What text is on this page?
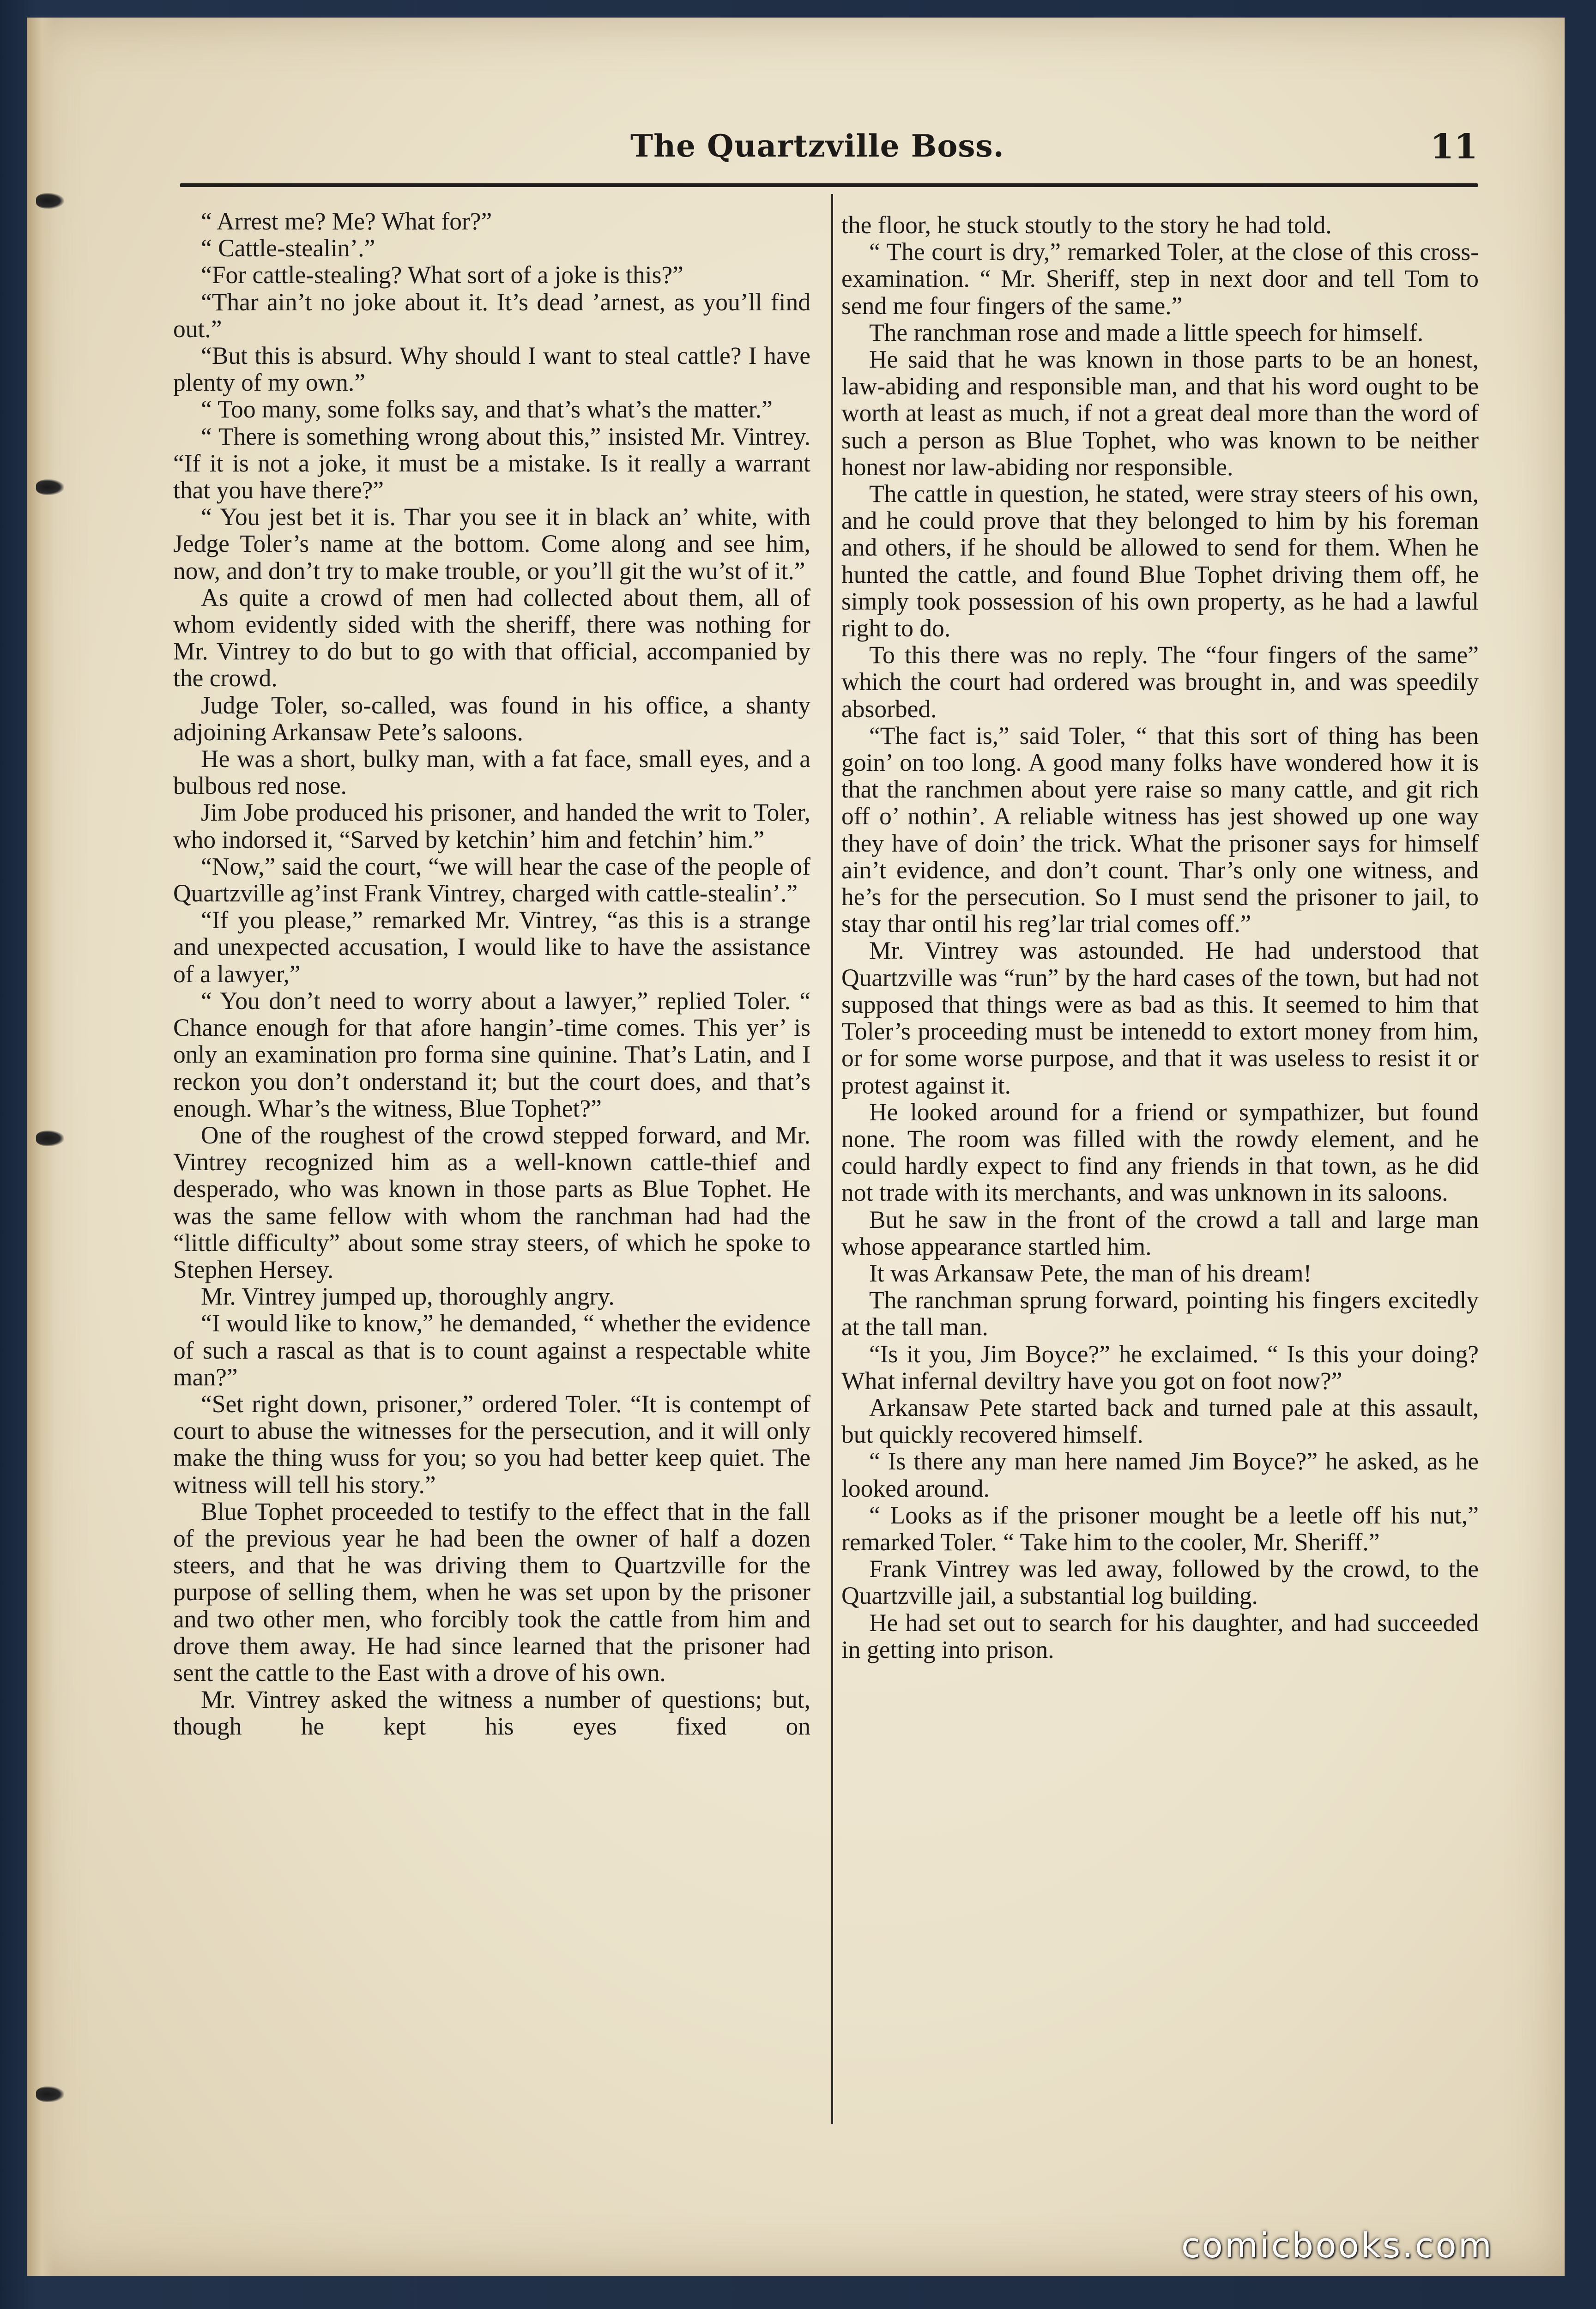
The Quartzville Boss.	11

“ Arrest me? Me? What for?”

“ Cattle-stealin’.”

“For cattle-stealing? What sort of a joke is this?”

“Thar ain’t no joke about it. It’s dead ’arnest, as you’ll find out.”

“But this is absurd. Why should I want to steal cattle? I have plenty of my own.”

“ Too many, some folks say, and that’s what’s the matter.”

“ There is something wrong about this,” insisted Mr. Vintrey. “If it is not a joke, it must be a mistake. Is it really a warrant that you have there?”

“ You jest bet it is. Thar you see it in black an’ white, with Jedge Toler’s name at the bottom. Come along and see him, now, and don’t try to make trouble, or you’ll git the wu’st of it.”

As quite a crowd of men had collected about them, all of whom evidently sided with the sheriff, there was nothing for Mr. Vintrey to do but to go with that official, accompanied by the crowd.

Judge Toler, so-called, was found in his office, a shanty adjoining Arkansaw Pete’s saloons.

He was a short, bulky man, with a fat face, small eyes, and a bulbous red nose.

Jim Jobe produced his prisoner, and handed the writ to Toler, who indorsed it, “Sarved by ketchin’ him and fetchin’ him.”

“Now,” said the court, “we will hear the case of the people of Quartzville ag’inst Frank Vintrey, charged with cattle-stealin’.”

“If you please,” remarked Mr. Vintrey, “as this is a strange and unexpected accusation, I would like to have the assistance of a lawyer,”

“ You don’t need to worry about a lawyer,” replied Toler. “ Chance enough for that afore hangin’-time comes. This yer’ is only an examination pro forma sine quinine. That’s Latin, and I reckon you don’t onderstand it; but the court does, and that’s enough. Whar’s the witness, Blue Tophet?”

One of the roughest of the crowd stepped forward, and Mr. Vintrey recognized him as a well-known cattle-thief and desperado, who was known in those parts as Blue Tophet. He was the same fellow with whom the ranchman had had the “little difficulty” about some stray steers, of which he spoke to Stephen Hersey.

Mr. Vintrey jumped up, thoroughly angry.

“I would like to know,” he demanded, “ whether the evidence of such a rascal as that is to count against a respectable white man?”

“Set right down, prisoner,” ordered Toler. “It is contempt of court to abuse the witnesses for the persecution, and it will only make the thing wuss for you; so you had better keep quiet. The witness will tell his story.”

Blue Tophet proceeded to testify to the effect that in the fall of the previous year he had been the owner of half a dozen steers, and that he was driving them to Quartzville for the purpose of selling them, when he was set upon by the prisoner and two other men, who forcibly took the cattle from him and drove them away. He had since learned that the prisoner had sent the cattle to the East with a drove of his own.

Mr. Vintrey asked the witness a number of questions; but, though he kept his eyes fixed on

the floor, he stuck stoutly to the story he had told.

“ The court is dry,” remarked Toler, at the close of this cross-examination. “ Mr. Sheriff, step in next door and tell Tom to send me four fingers of the same.”

The ranchman rose and made a little speech for himself.

He said that he was known in those parts to be an honest, law-abiding and responsible man, and that his word ought to be worth at least as much, if not a great deal more than the word of such a person as Blue Tophet, who was known to be neither honest nor law-abiding nor responsible.

The cattle in question, he stated, were stray steers of his own, and he could prove that they belonged to him by his foreman and others, if he should be allowed to send for them. When he hunted the cattle, and found Blue Tophet driving them off, he simply took possession of his own property, as he had a lawful right to do.

To this there was no reply. The “four fingers of the same” which the court had ordered was brought in, and was speedily absorbed.

“The fact is,” said Toler, “ that this sort of thing has been goin’ on too long. A good many folks have wondered how it is that the ranchmen about yere raise so many cattle, and git rich off o’ nothin’. A reliable witness has jest showed up one way they have of doin’ the trick. What the prisoner says for himself ain’t evidence, and don’t count. Thar’s only one witness, and he’s for the persecution. So I must send the prisoner to jail, to stay thar ontil his reg’lar trial comes off.”

Mr. Vintrey was astounded. He had understood that Quartzville was “run” by the hard cases of the town, but had not supposed that things were as bad as this. It seemed to him that Toler’s proceeding must be intenedd to extort money from him, or for some worse purpose, and that it was useless to resist it or protest against it.

He looked around for a friend or sympathizer, but found none. The room was filled with the rowdy element, and he could hardly expect to find any friends in that town, as he did not trade with its merchants, and was unknown in its saloons.

But he saw in the front of the crowd a tall and large man whose appearance startled him.

It was Arkansaw Pete, the man of his dream!

The ranchman sprung forward, pointing his fingers excitedly at the tall man.

“Is it you, Jim Boyce?” he exclaimed. “ Is this your doing? What infernal deviltry have you got on foot now?”

Arkansaw Pete started back and turned pale at this assault, but quickly recovered himself.

“ Is there any man here named Jim Boyce?” he asked, as he looked around.

“ Looks as if the prisoner mought be a leetle off his nut,” remarked Toler. “ Take him to the cooler, Mr. Sheriff.”

Frank Vintrey was led away, followed by the crowd, to the Quartzville jail, a substantial log building.

He had set out to search for his daughter, and had succeeded in getting into prison.

comicbooks.com
